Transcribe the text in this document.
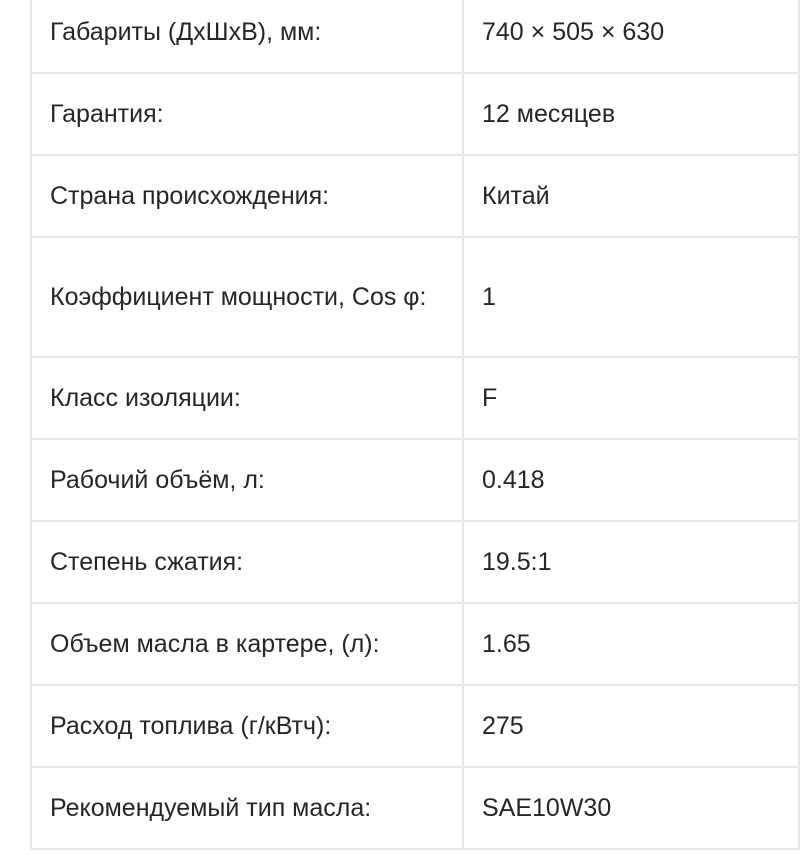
Габариты (ДхШхВ), мм:	740 × 505 × 630
Гарантия:	12 месяцев
Страна происхождения:	Китай
Коэффициент мощности, Cos φ:	1
Класс изоляции:	F
Рабочий объём, л:	0.418
Степень сжатия:	19.5:1
Объем масла в картере, (л):	1.65
Расход топлива (г/кВтч):	275
Рекомендуемый тип масла:	SAE10W30
